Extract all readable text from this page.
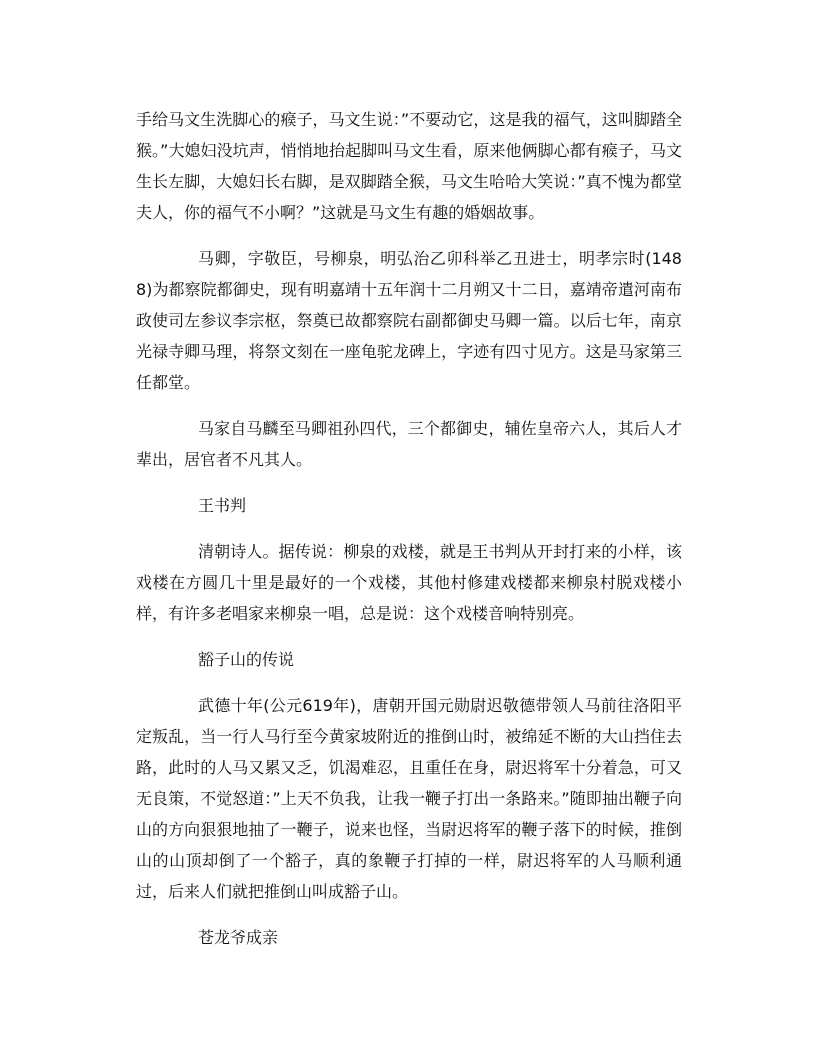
手给马文生洗脚心的瘊子，马文生说：”不要动它，这是我的福气，这叫脚踏全猴。”大媳妇没坑声，悄悄地抬起脚叫马文生看，原来他俩脚心都有瘊子，马文生长左脚，大媳妇长右脚，是双脚踏全猴，马文生哈哈大笑说：”真不愧为都堂夫人，你的福气不小啊？”这就是马文生有趣的婚姻故事。

马卿，字敬臣，号柳泉，明弘治乙卯科举乙丑进士，明孝宗时(1488)为都察院都御史，现有明嘉靖十五年润十二月朔又十二日，嘉靖帝遣河南布政使司左参议李宗枢，祭奠已故都察院右副都御史马卿一篇。以后七年，南京光禄寺卿马理，将祭文刻在一座龟驼龙碑上，字迹有四寸见方。这是马家第三任都堂。

马家自马麟至马卿祖孙四代，三个都御史，辅佐皇帝六人，其后人才辈出，居官者不凡其人。

王书判

清朝诗人。据传说：柳泉的戏楼，就是王书判从开封打来的小样，该戏楼在方圆几十里是最好的一个戏楼，其他村修建戏楼都来柳泉村脱戏楼小样，有许多老唱家来柳泉一唱，总是说：这个戏楼音响特别亮。

豁子山的传说

武德十年(公元619年)，唐朝开国元勋尉迟敬德带领人马前往洛阳平定叛乱，当一行人马行至今黄家坡附近的推倒山时，被绵延不断的大山挡住去路，此时的人马又累又乏，饥渴难忍，且重任在身，尉迟将军十分着急，可又无良策，不觉怒道：”上天不负我，让我一鞭子打出一条路来。”随即抽出鞭子向山的方向狠狠地抽了一鞭子，说来也怪，当尉迟将军的鞭子落下的时候，推倒山的山顶却倒了一个豁子，真的象鞭子打掉的一样，尉迟将军的人马顺利通过，后来人们就把推倒山叫成豁子山。

苍龙爷成亲
